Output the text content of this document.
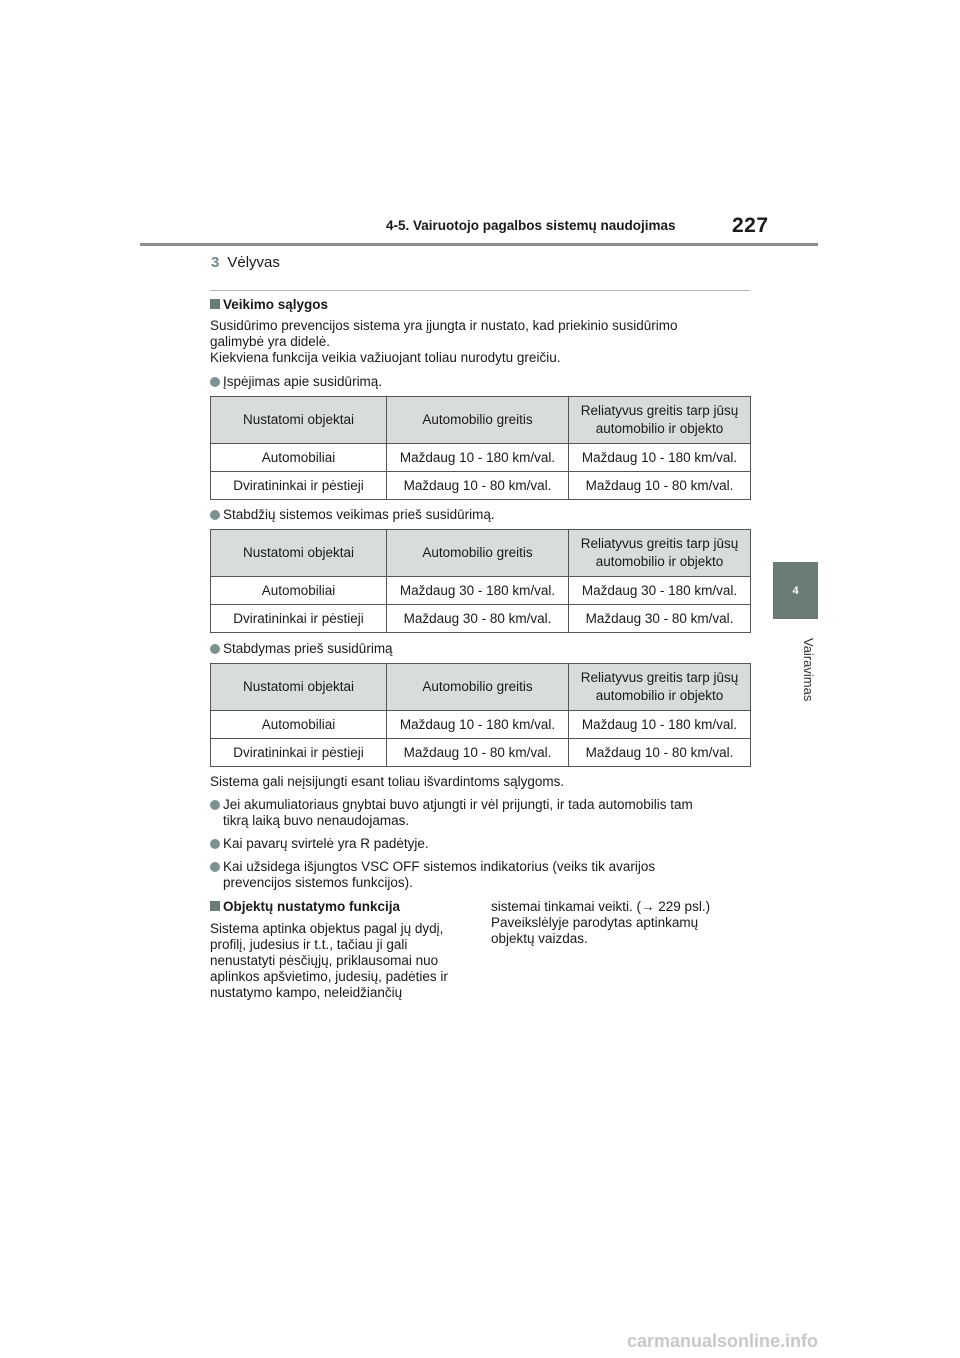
4-5. Vairuotojo pagalbos sistemų naudojimas	227
4
Vairavimas
3 Vėlyvas
Veikimo sąlygos
Susidūrimo prevencijos sistema yra įjungta ir nustato, kad priekinio susidūrimo
galimybė yra didelė.
Kiekviena funkcija veikia važiuojant toliau nurodytu greičiu.
Įspėjimas apie susidūrimą.
Nustatomi objektai	Automobilio greitis	Reliatyvus greitis tarp jūsų automobilio ir objekto
Automobiliai	Maždaug 10 - 180 km/val.	Maždaug 10 - 180 km/val.
Dviratininkai ir pėstieji	Maždaug 10 - 80 km/val.	Maždaug 10 - 80 km/val.
Stabdžių sistemos veikimas prieš susidūrimą.
Nustatomi objektai	Automobilio greitis	Reliatyvus greitis tarp jūsų automobilio ir objekto
Automobiliai	Maždaug 30 - 180 km/val.	Maždaug 30 - 180 km/val.
Dviratininkai ir pėstieji	Maždaug 30 - 80 km/val.	Maždaug 30 - 80 km/val.
Stabdymas prieš susidūrimą
Nustatomi objektai	Automobilio greitis	Reliatyvus greitis tarp jūsų automobilio ir objekto
Automobiliai	Maždaug 10 - 180 km/val.	Maždaug 10 - 180 km/val.
Dviratininkai ir pėstieji	Maždaug 10 - 80 km/val.	Maždaug 10 - 80 km/val.
Sistema gali neįsijungti esant toliau išvardintoms sąlygoms.
Jei akumuliatoriaus gnybtai buvo atjungti ir vėl prijungti, ir tada automobilis tam
tikrą laiką buvo nenaudojamas.
Kai pavarų svirtelė yra R padėtyje.
Kai užsidega išjungtos VSC OFF sistemos indikatorius (veiks tik avarijos
prevencijos sistemos funkcijos).
Objektų nustatymo funkcija
Sistema aptinka objektus pagal jų dydį,
profilį, judesius ir t.t., tačiau ji gali
nenustatyti pėsčiųjų, priklausomai nuo
aplinkos apšvietimo, judesių, padėties ir
nustatymo kampo, neleidžiančių
sistemai tinkamai veikti. (→ 229 psl.)
Paveikslėlyje parodytas aptinkamų
objektų vaizdas.
carmanualsonline.info
